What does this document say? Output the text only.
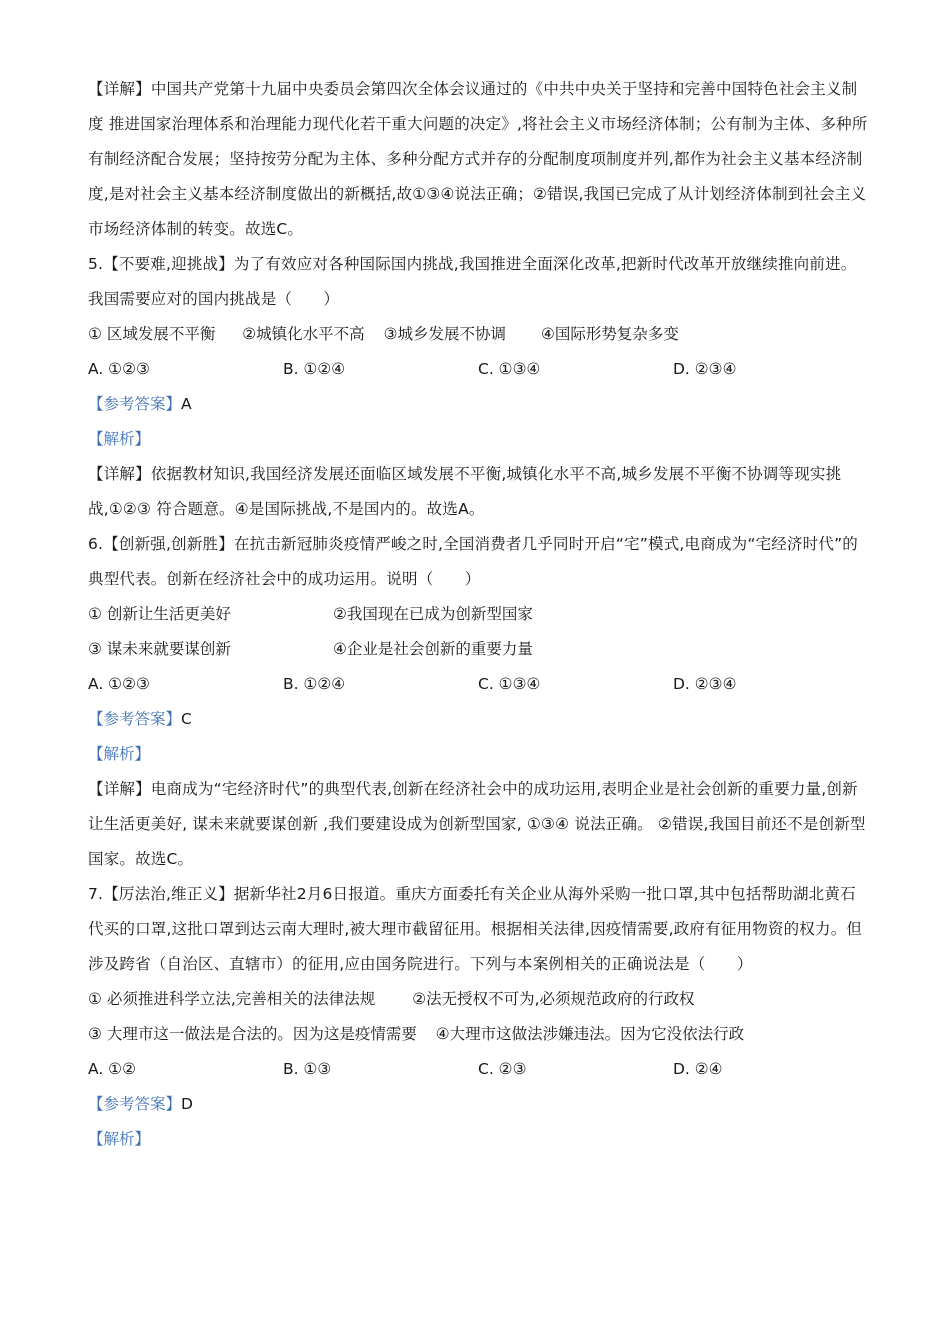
【详解】中国共产党第十九届中央委员会第四次全体会议通过的《中共中央关于坚持和完善中国特色社会主义制度 推进国家治理体系和治理能力现代化若干重大问题的决定》,将社会主义市场经济体制；公有制为主体、多种所有制经济配合发展；坚持按劳分配为主体、多种分配方式并存的分配制度项制度并列,都作为社会主义基本经济制度,是对社会主义基本经济制度做出的新概括,故①③④说法正确；②错误,我国已完成了从计划经济体制到社会主义市场经济体制的转变。故选C。
5.【不要难,迎挑战】为了有效应对各种国际国内挑战,我国推进全面深化改革,把新时代改革开放继续推向前进。我国需要应对的国内挑战是（　　）
① 区域发展不平衡 ②城镇化水平不高 ③城乡发展不协调 ④国际形势复杂多变
A. ①②③	B. ①②④	C. ①③④	D. ②③④
【参考答案】A
【解析】
【详解】依据教材知识,我国经济发展还面临区域发展不平衡,城镇化水平不高,城乡发展不平衡不协调等现实挑战,①②③ 符合题意。④是国际挑战,不是国内的。故选A。
6.【创新强,创新胜】在抗击新冠肺炎疫情严峻之时,全国消费者几乎同时开启“宅”模式,电商成为“宅经济时代”的典型代表。创新在经济社会中的成功运用。说明（　　）
① 创新让生活更美好	②我国现在已成为创新型国家
③ 谋未来就要谋创新	④企业是社会创新的重要力量
A. ①②③	B. ①②④	C. ①③④	D. ②③④
【参考答案】C
【解析】
【详解】电商成为“宅经济时代”的典型代表,创新在经济社会中的成功运用,表明企业是社会创新的重要力量,创新让生活更美好, 谋未来就要谋创新 ,我们要建设成为创新型国家, ①③④ 说法正确。 ②错误,我国目前还不是创新型国家。故选C。
7.【厉法治,维正义】据新华社2月6日报道。重庆方面委托有关企业从海外采购一批口罩,其中包括帮助湖北黄石代买的口罩,这批口罩到达云南大理时,被大理市截留征用。根据相关法律,因疫情需要,政府有征用物资的权力。但涉及跨省（自治区、直辖市）的征用,应由国务院进行。下列与本案例相关的正确说法是（　　）
① 必须推进科学立法,完善相关的法律法规 ②法无授权不可为,必须规范政府的行政权
③ 大理市这一做法是合法的。因为这是疫情需要 ④大理市这做法涉嫌违法。因为它没依法行政
A. ①②	B. ①③	C. ②③	D. ②④
【参考答案】D
【解析】
